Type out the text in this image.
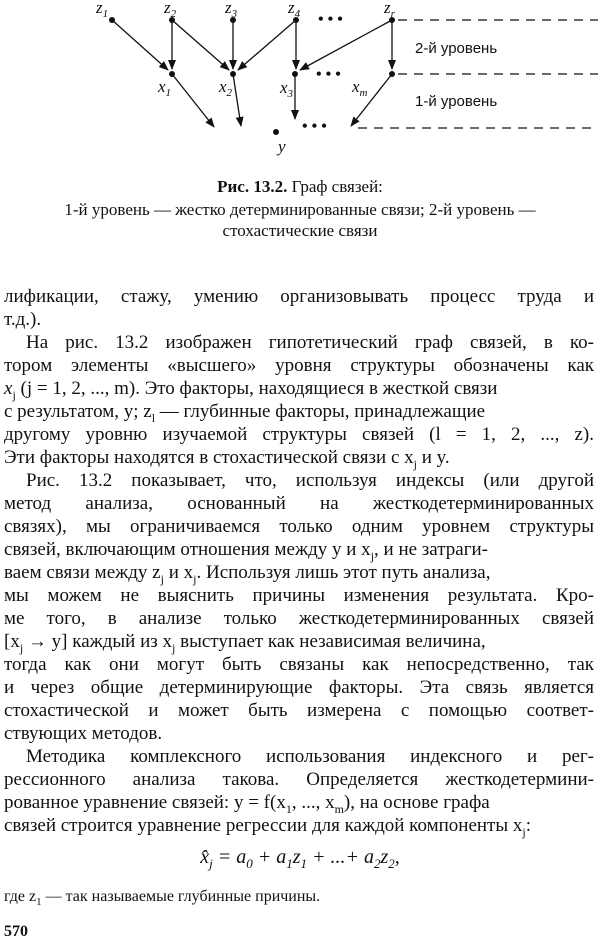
$z_1$	$z_2$	$z_3$	$z_4$	$z_r$
• • •
$x_1$	$x_2$	$x_3$	$x_m$
• • •
y
• • •
2-й уровень
1-й уровень
Рис. 13.2. Граф связей:
1-й уровень — жестко детерминированные связи; 2-й уровень —
стохастические связи
лификации, стажу, умению организовывать процесс труда и
т.д.).
На рис. 13.2 изображен гипотетический граф связей, в ко-
тором элементы «высшего» уровня структуры обозначены как
$x_j$ (j = 1, 2, ..., m). Это факторы, находящиеся в жесткой связи
с результатом, y; $z_l$ — глубинные факторы, принадлежащие
другому уровню изучаемой структуры связей (l = 1, 2, ..., z).
Эти факторы находятся в стохастической связи с $x_j$ и y.
Рис. 13.2 показывает, что, используя индексы (или другой
метод анализа, основанный на жесткодетерминированных
связях), мы ограничиваемся только одним уровнем структуры
связей, включающим отношения между y и $x_j$, и не затраги-
ваем связи между $z_j$ и $x_j$. Используя лишь этот путь анализа,
мы можем не выяснить причины изменения результата. Кро-
ме того, в анализе только жесткодетерминированных связей
$[x_j \to y]$ каждый из $x_j$ выступает как независимая величина,
тогда как они могут быть связаны как непосредственно, так
и через общие детерминирующие факторы. Эта связь является
стохастической и может быть измерена с помощью соответ-
ствующих методов.
Методика комплексного использования индексного и рег-
рессионного анализа такова. Определяется жесткодетермини-
рованное уравнение связей: $y = f(x_1$, ..., $x_m$), на основе графа
связей строится уравнение регрессии для каждой компоненты $x_j$:
$x̂_j = a_0 + a_1z_1$ + ...+ $a_2z_2$,
где $z_1$ — так называемые глубинные причины.
570
